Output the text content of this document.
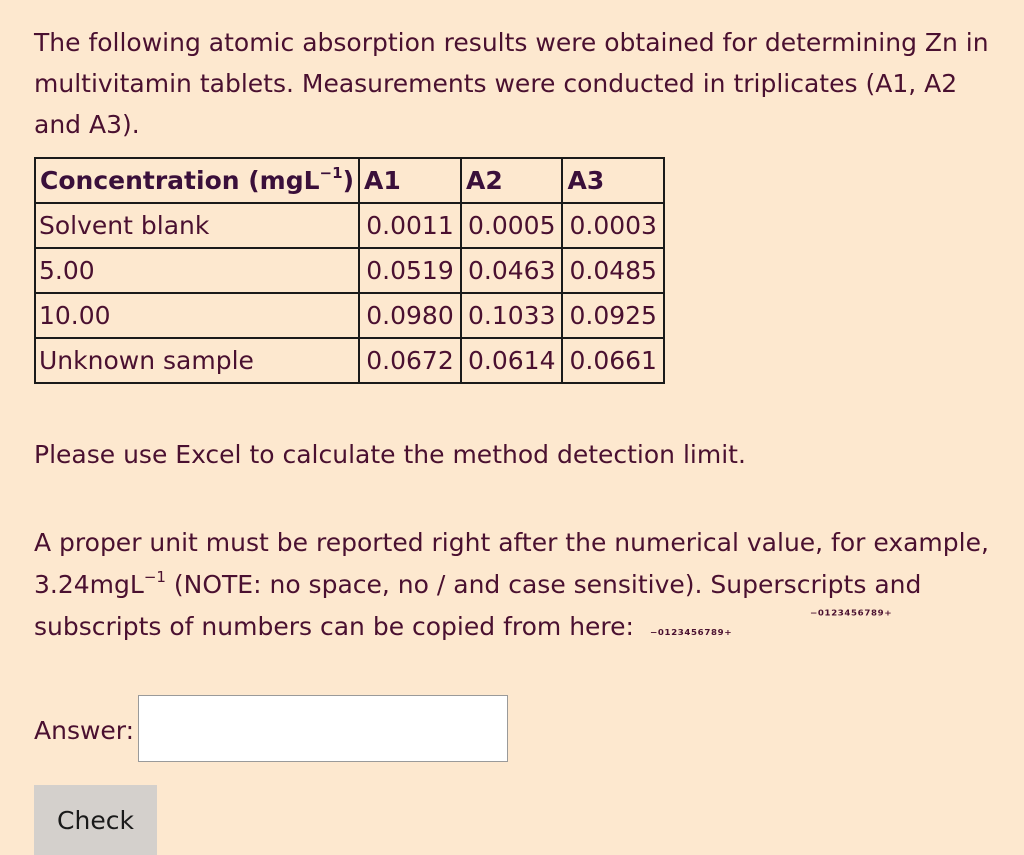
The following atomic absorption results were obtained for determining Zn in multivitamin tablets. Measurements were conducted in triplicates (A1, A2 and A3).

Concentration (mgL$^{-1}$)	A1	A2	A3
Solvent blank	0.0011	0.0005	0.0003
5.00	0.0519	0.0463	0.0485
10.00	0.0980	0.1033	0.0925
Unknown sample	0.0672	0.0614	0.0661

Please use Excel to calculate the method detection limit.

A proper unit must be reported right after the numerical value, for example, 3.24mgL$^{-1}$ (NOTE: no space, no / and case sensitive). Superscripts and subscripts of numbers can be copied from here:	₋₀₁₂₃₄₅₆₇₈₉₊
⁻⁰¹²³⁴⁵⁶⁷⁸⁹⁺
Answer:
Check
